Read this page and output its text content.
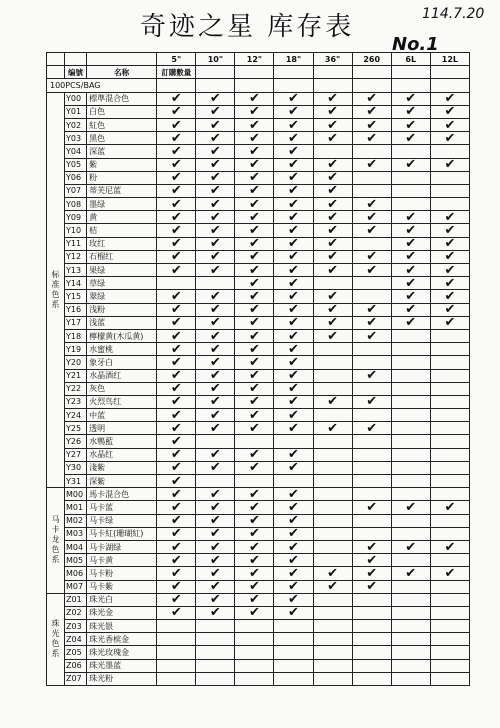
奇迹之星 库存表	114.7.20
No.1
			5"	10"	12"	18"	36"	260	6L	12L
	编號	名称	訂購數量							
100PCS/BAG										
标准色系	Y00	標準混合色	✔	✔	✔	✔	✔	✔	✔	✔
	Y01	白色	✔	✔	✔	✔	✔	✔	✔	✔
	Y02	紅色	✔	✔	✔	✔	✔	✔	✔	✔
	Y03	黑色	✔	✔	✔	✔	✔	✔	✔	✔
	Y04	深蓝	✔	✔	✔	✔				
	Y05	紫	✔	✔	✔	✔	✔	✔	✔	✔
	Y06	粉	✔	✔	✔	✔	✔			
	Y07	蒂芙尼蓝	✔	✔	✔	✔	✔			
	Y08	墨绿	✔	✔	✔	✔	✔	✔		
	Y09	黄	✔	✔	✔	✔	✔	✔	✔	✔
	Y10	桔	✔	✔	✔	✔	✔	✔	✔	✔
	Y11	玫红	✔	✔	✔	✔	✔		✔	✔
	Y12	石榴红	✔	✔	✔	✔	✔	✔	✔	✔
	Y13	果绿	✔	✔	✔	✔	✔	✔	✔	✔
	Y14	草绿			✔	✔			✔	✔
	Y15	翠绿	✔	✔	✔	✔	✔		✔	✔
	Y16	浅粉	✔	✔	✔	✔	✔	✔	✔	✔
	Y17	浅蓝	✔	✔	✔	✔	✔	✔	✔	✔
	Y18	檸檬黄(木瓜黄)	✔	✔	✔	✔	✔	✔		
	Y19	水蜜桃	✔	✔	✔	✔				
	Y20	象牙白	✔	✔	✔	✔				
	Y21	水晶酒红	✔	✔	✔	✔		✔		
	Y22	灰色	✔	✔	✔	✔				
	Y23	火烈鸟红	✔	✔	✔	✔	✔	✔		
	Y24	中蓝	✔	✔	✔	✔				
	Y25	透明	✔	✔	✔	✔	✔	✔		
	Y26	水鴨藍	✔							
	Y27	水晶红	✔	✔	✔	✔				
	Y30	淺紫	✔	✔	✔	✔				
	Y31	深紫	✔							
马卡龙色系	M00	馬卡混合色	✔	✔	✔	✔				
	M01	马卡蓝	✔	✔	✔	✔		✔	✔	✔
	M02	马卡绿	✔	✔	✔	✔				
	M03	马卡紅(珊瑚紅)	✔	✔	✔	✔				
	M04	马卡湖绿	✔	✔	✔	✔		✔	✔	✔
	M05	马卡黄	✔	✔	✔	✔		✔		
	M06	马卡粉	✔	✔	✔	✔	✔	✔	✔	✔
	M07	马卡紫	✔	✔	✔	✔	✔	✔		
珠光色系	Z01	珠光白	✔	✔	✔	✔				
	Z02	珠光金	✔	✔	✔	✔				
	Z03	珠光银								
	Z04	珠光香槟金								
	Z05	珠光玫瑰金								
	Z06	珠光墨蓝								
	Z07	珠光粉								
